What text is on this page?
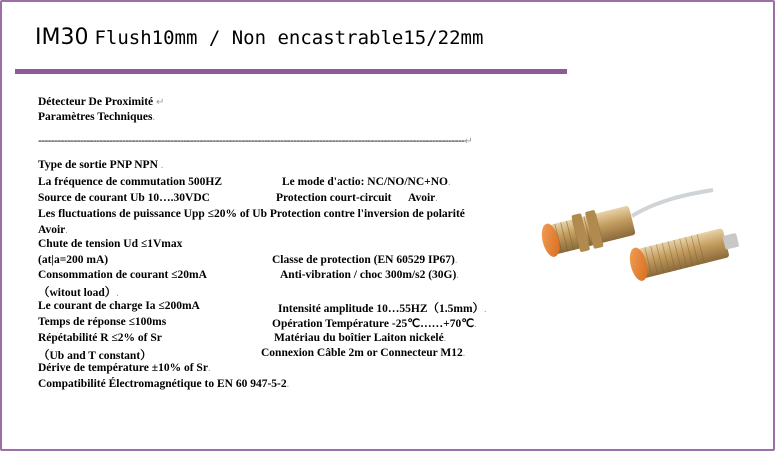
IM30 Flush10mm / Non encastrable15/22mm
Détecteur De Proximité ↵
Paramètres Techniques.
------------------------------------------------------------------------------------------------------------------------------------↵
Type de sortie PNP NPN .
La fréquence de commutation 500HZ	Le mode d'actio: NC/NO/NC+NO.
Source de courant Ub 10….30VDC	Protection court-circuit Avoir.
Les fluctuations de puissance Upp ≤20% of Ub Protection contre l'inversion de polarité
Avoir.
Chute de tension Ud ≤1Vmax
(at|a=200 mA)	Classe de protection (EN 60529 IP67).
Consommation de courant ≤20mA	Anti-vibration / choc 300m/s2 (30G).
（witout load）.
Le courant de charge Ia ≤200mA	Intensité amplitude 10…55HZ（1.5mm）.
Temps de réponse ≤100ms	Opération Température -25℃……+70℃.
Répétabilité R ≤2% of Sr	Matériau du boîtier Laiton nickelé.
（Ub and T constant）	Connexion Câble 2m or Connecteur M12.
Dérive de température ±10% of Sr.
Compatibilité Électromagnétique to EN 60 947-5-2.
